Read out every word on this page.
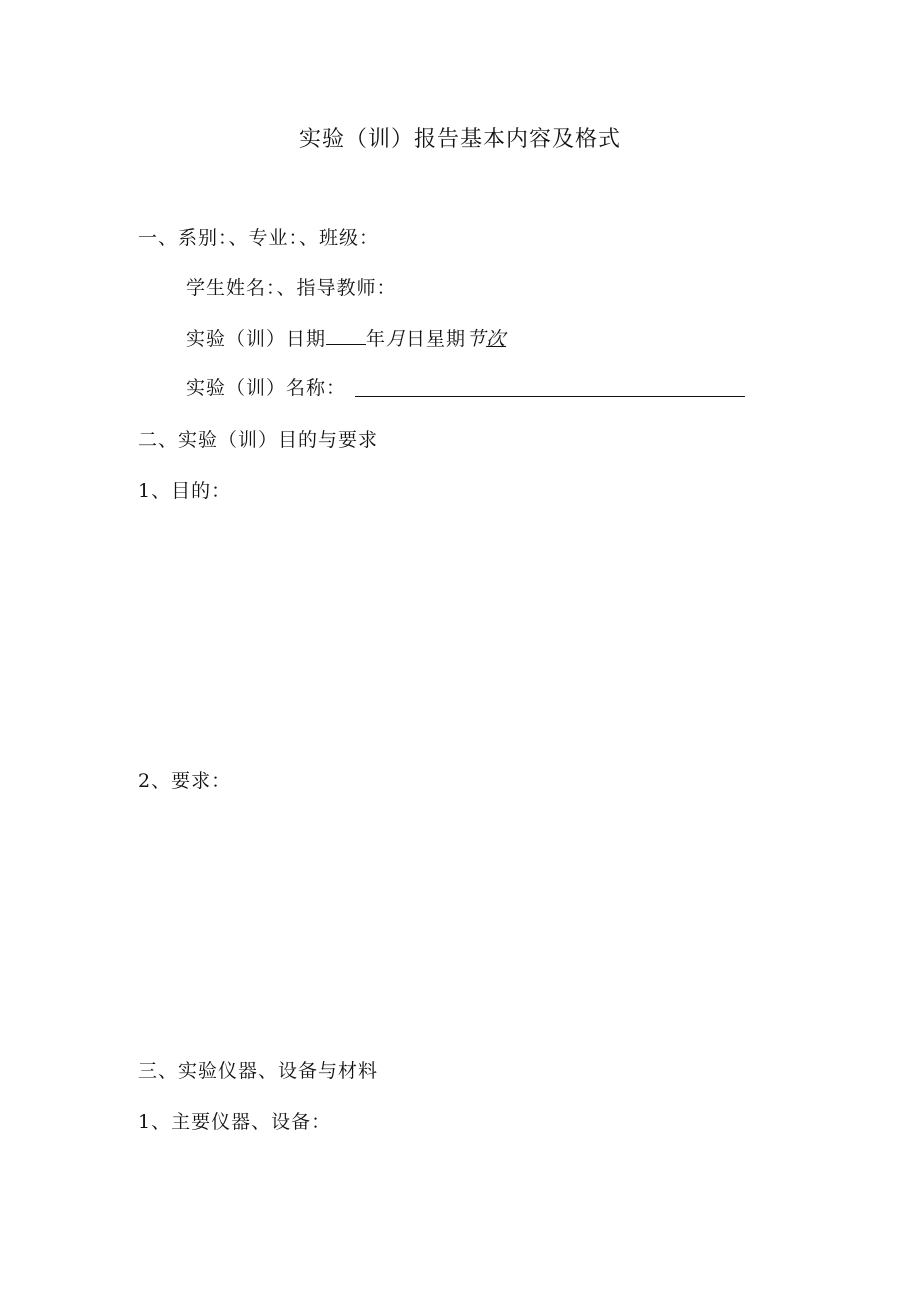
实验（训）报告基本内容及格式
一、系别：、专业：、班级：
学生姓名：、指导教师：
实验（训）日期 年月日星期节次
实验（训）名称：
二、实验（训）目的与要求
1、目的：
2、要求：
三、实验仪器、设备与材料
1、主要仪器、设备：
